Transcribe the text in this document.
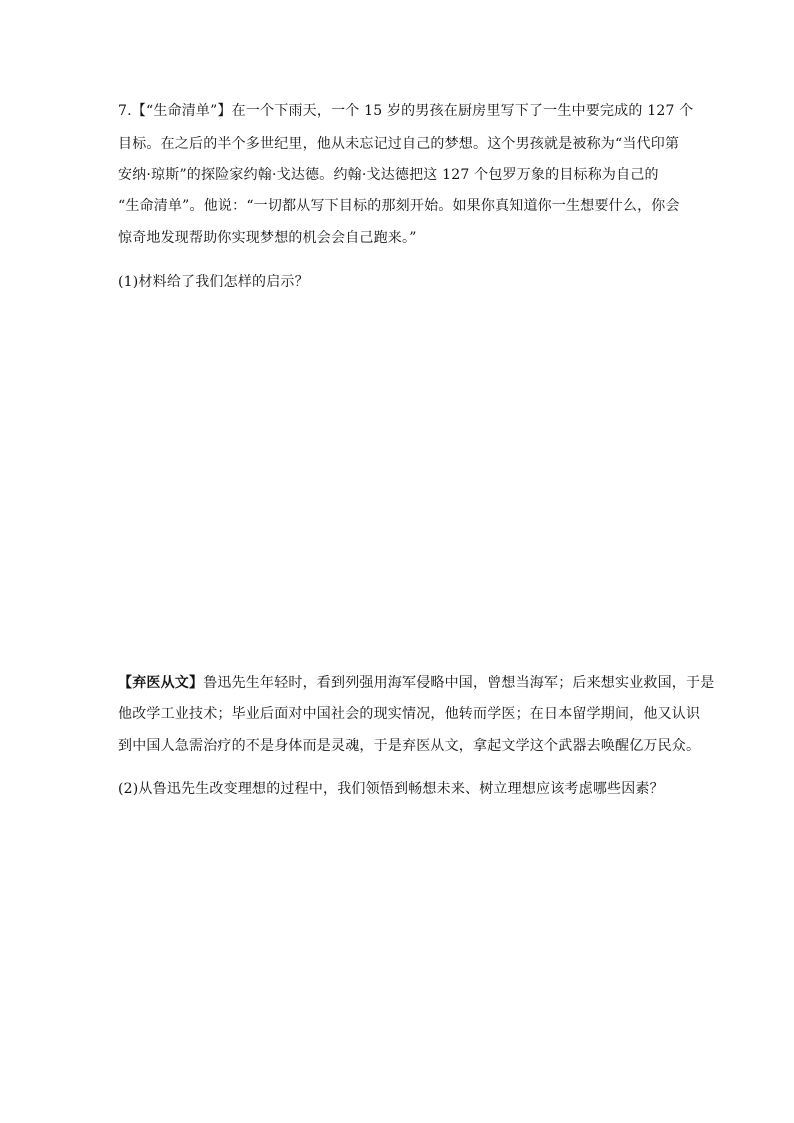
7.【“生命清单”】在一个下雨天，一个 15 岁的男孩在厨房里写下了一生中要完成的 127 个
目标。在之后的半个多世纪里，他从未忘记过自己的梦想。这个男孩就是被称为“当代印第
安纳·琼斯”的探险家约翰·戈达德。约翰·戈达德把这 127 个包罗万象的目标称为自己的
“生命清单”。他说：“一切都从写下目标的那刻开始。如果你真知道你一生想要什么，你会
惊奇地发现帮助你实现梦想的机会会自己跑来。”
(1)材料给了我们怎样的启示？
【弃医从文】鲁迅先生年轻时，看到列强用海军侵略中国，曾想当海军；后来想实业救国，于是
他改学工业技术；毕业后面对中国社会的现实情况，他转而学医；在日本留学期间，他又认识
到中国人急需治疗的不是身体而是灵魂，于是弃医从文，拿起文学这个武器去唤醒亿万民众。
(2)从鲁迅先生改变理想的过程中，我们领悟到畅想未来、树立理想应该考虑哪些因素？
